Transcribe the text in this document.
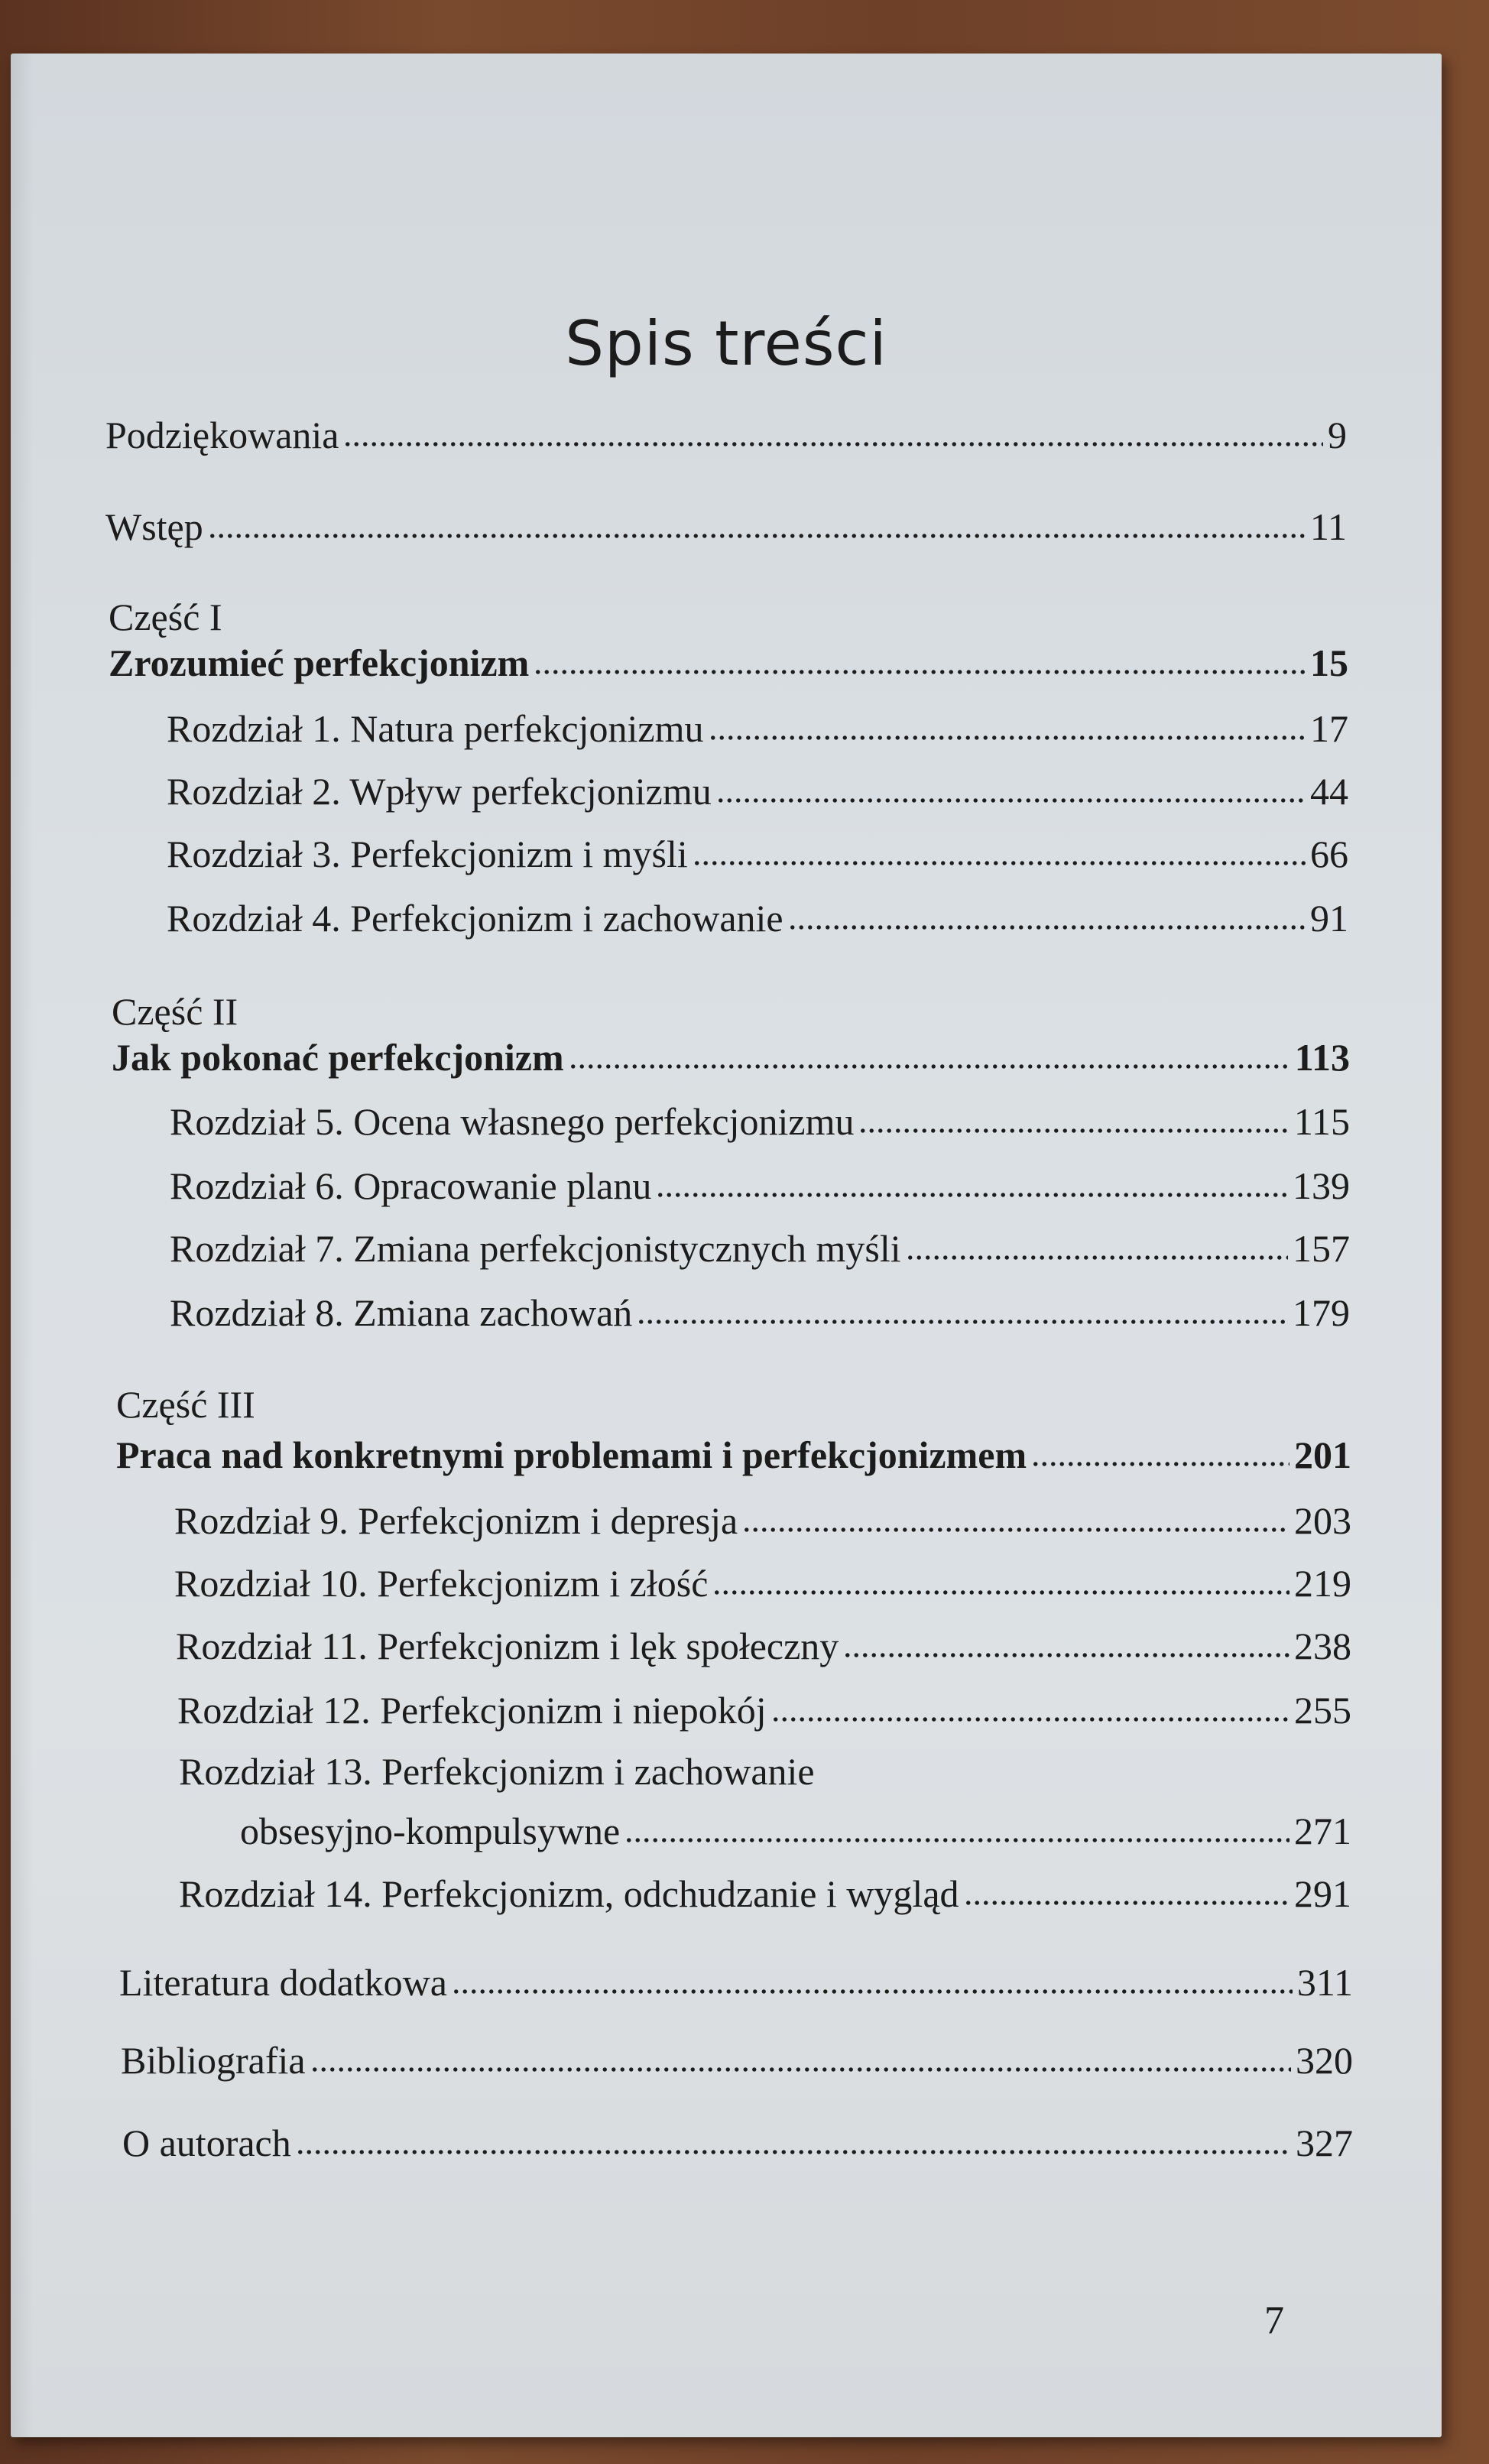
Spis treści
Podziękowania	9
Wstęp	11
Część I
Zrozumieć perfekcjonizm	15
Rozdział 1. Natura perfekcjonizmu	17
Rozdział 2. Wpływ perfekcjonizmu	44
Rozdział 3. Perfekcjonizm i myśli	66
Rozdział 4. Perfekcjonizm i zachowanie	91
Część II
Jak pokonać perfekcjonizm	113
Rozdział 5. Ocena własnego perfekcjonizmu	115
Rozdział 6. Opracowanie planu	139
Rozdział 7. Zmiana perfekcjonistycznych myśli	157
Rozdział 8. Zmiana zachowań	179
Część III
Praca nad konkretnymi problemami i perfekcjonizmem	201
Rozdział 9. Perfekcjonizm i depresja	203
Rozdział 10. Perfekcjonizm i złość	219
Rozdział 11. Perfekcjonizm i lęk społeczny	238
Rozdział 12. Perfekcjonizm i niepokój	255
Rozdział 13. Perfekcjonizm i zachowanie
obsesyjno-kompulsywne	271
Rozdział 14. Perfekcjonizm, odchudzanie i wygląd	291
Literatura dodatkowa	311
Bibliografia	320
O autorach	327
7
